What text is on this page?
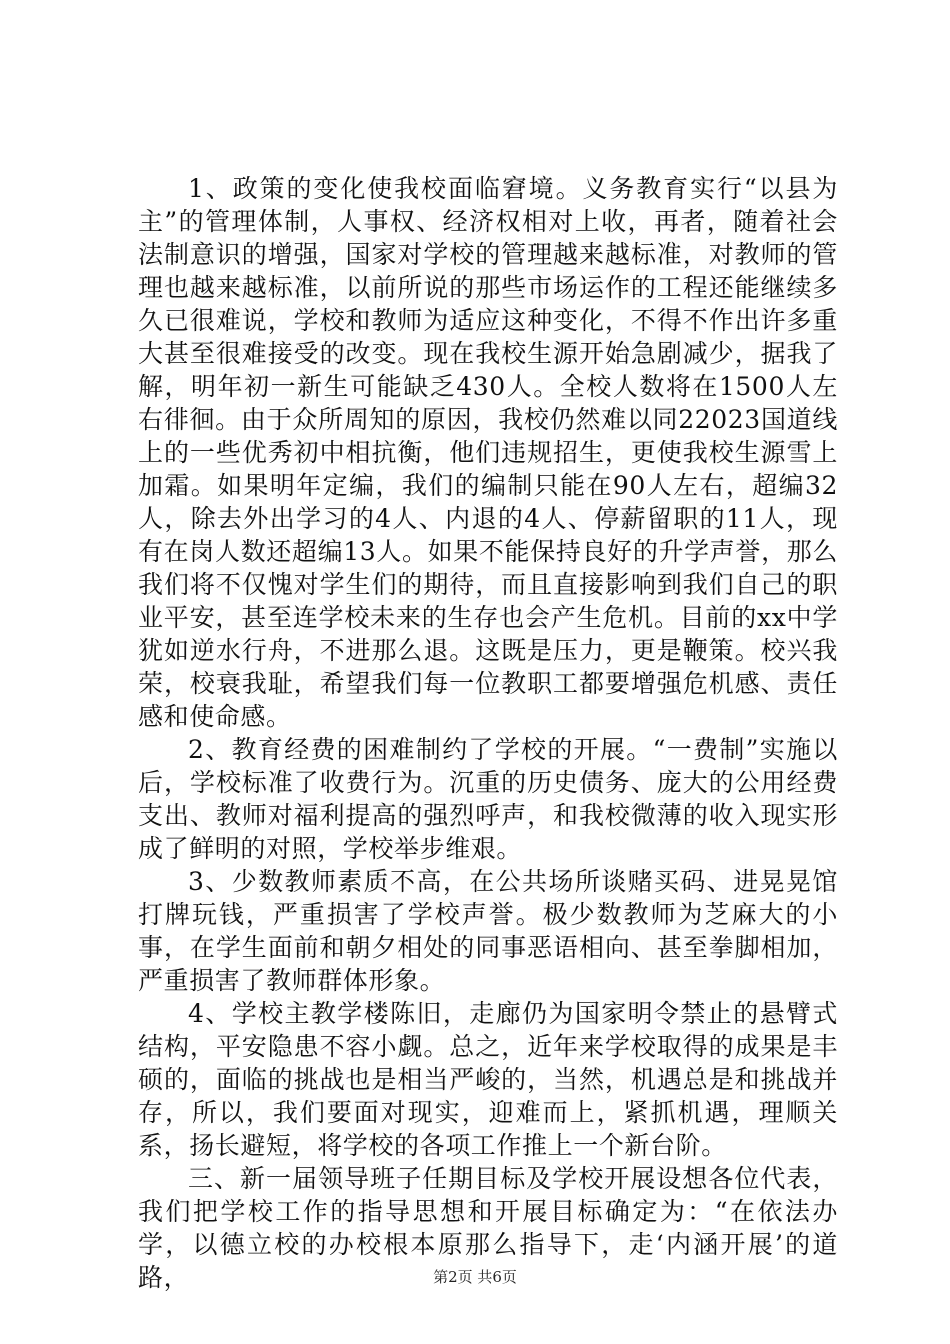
1、政策的变化使我校面临窘境。义务教育实行“以县为主”的管理体制，人事权、经济权相对上收，再者，随着社会法制意识的增强，国家对学校的管理越来越标准，对教师的管理也越来越标准，以前所说的那些市场运作的工程还能继续多久已很难说，学校和教师为适应这种变化，不得不作出许多重大甚至很难接受的改变。现在我校生源开始急剧减少，据我了解，明年初一新生可能缺乏430人。全校人数将在1500人左右徘徊。由于众所周知的原因，我校仍然难以同22023国道线上的一些优秀初中相抗衡，他们违规招生，更使我校生源雪上加霜。如果明年定编，我们的编制只能在90人左右，超编32人，除去外出学习的4人、内退的4人、停薪留职的11人，现有在岗人数还超编13人。如果不能保持良好的升学声誉，那么我们将不仅愧对学生们的期待，而且直接影响到我们自己的职业平安，甚至连学校未来的生存也会产生危机。目前的xx中学犹如逆水行舟，不进那么退。这既是压力，更是鞭策。校兴我荣，校衰我耻，希望我们每一位教职工都要增强危机感、责任感和使命感。

2、教育经费的困难制约了学校的开展。“一费制”实施以后，学校标准了收费行为。沉重的历史债务、庞大的公用经费支出、教师对福利提高的强烈呼声，和我校微薄的收入现实形成了鲜明的对照，学校举步维艰。

3、少数教师素质不高，在公共场所谈赌买码、进晃晃馆打牌玩钱，严重损害了学校声誉。极少数教师为芝麻大的小事，在学生面前和朝夕相处的同事恶语相向、甚至拳脚相加，严重损害了教师群体形象。

4、学校主教学楼陈旧，走廊仍为国家明令禁止的悬臂式结构，平安隐患不容小觑。总之，近年来学校取得的成果是丰硕的，面临的挑战也是相当严峻的，当然，机遇总是和挑战并存，所以，我们要面对现实，迎难而上，紧抓机遇，理顺关系，扬长避短，将学校的各项工作推上一个新台阶。

三、新一届领导班子任期目标及学校开展设想各位代表，我们把学校工作的指导思想和开展目标确定为：“在依法办学，以德立校的办校根本原那么指导下，走‘内涵开展’的道路，	第2页 共6页
